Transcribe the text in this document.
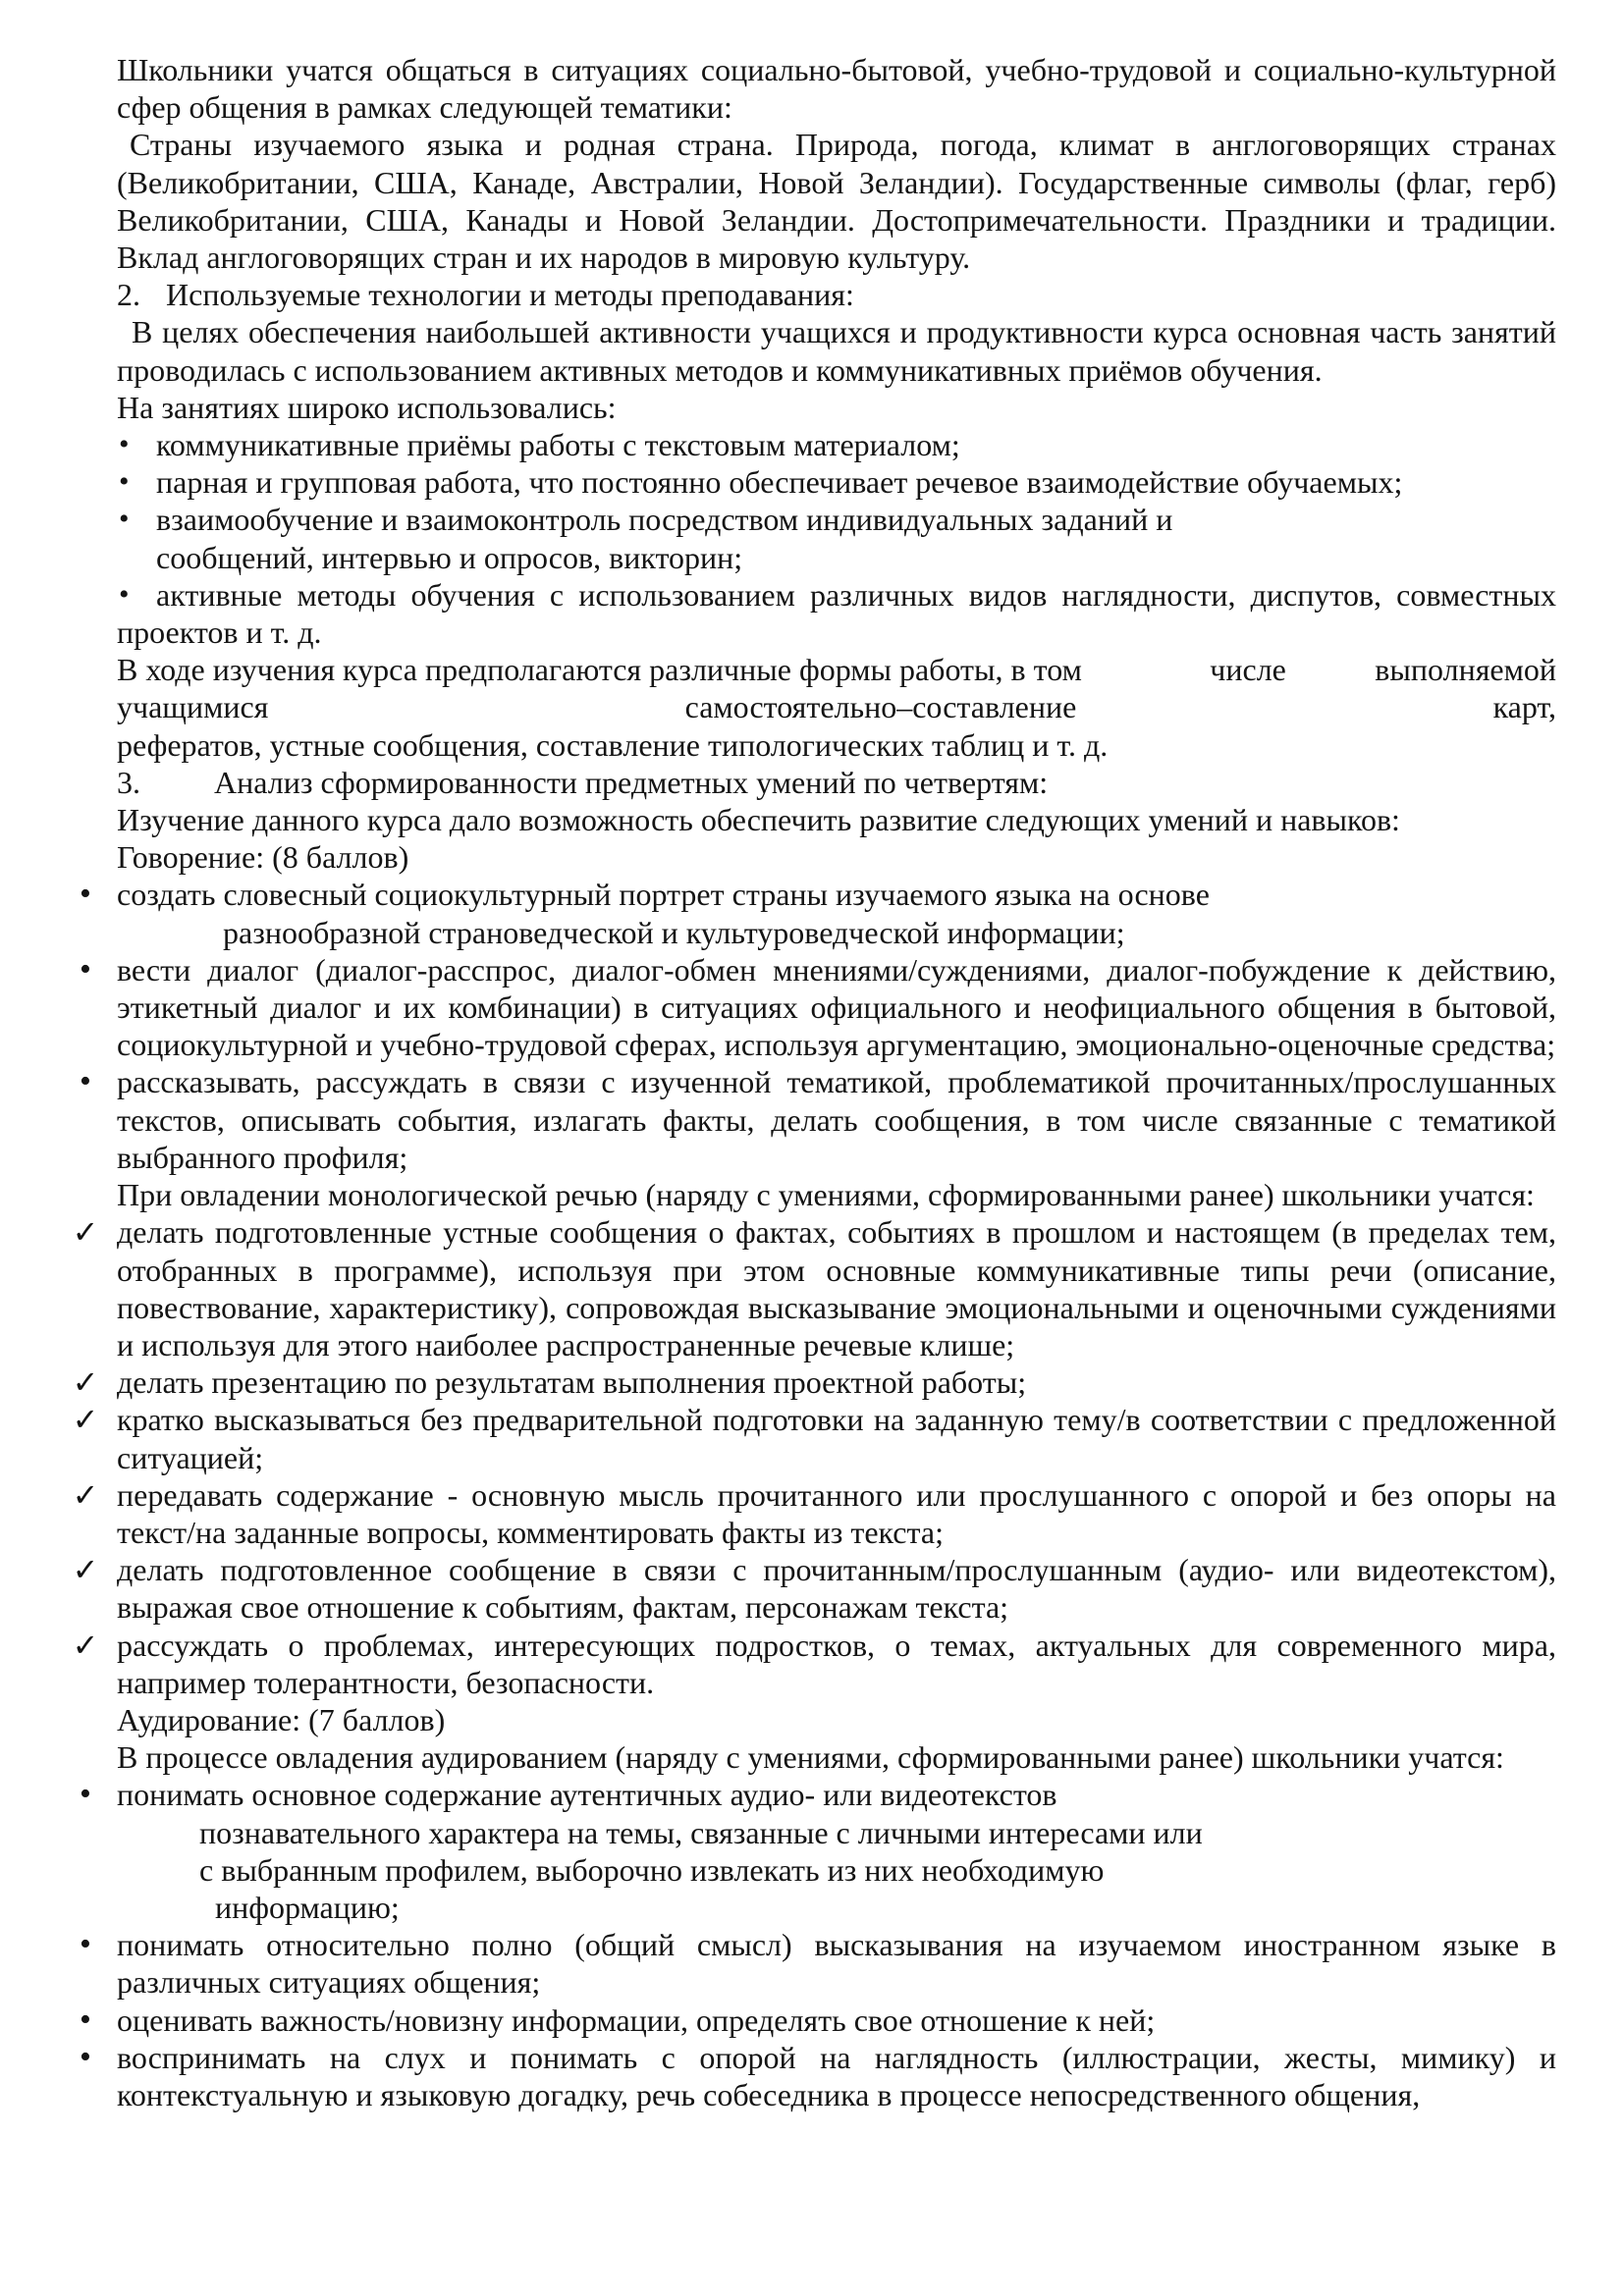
Школьники учатся общаться в ситуациях социально-бытовой, учебно-трудовой и социально-культурной сфер общения в рамках следующей тематики:

Страны изучаемого языка и родная страна. Природа, погода, климат в англоговорящих странах (Великобритании, США, Канаде, Австралии, Новой Зеландии). Государственные символы (флаг, герб) Великобритании, США, Канады и Новой Зеландии. Достопримечательности. Праздники и традиции. Вклад англоговорящих стран и их народов в мировую культуру.

2. Используемые технологии и методы преподавания:

В целях обеспечения наибольшей активности учащихся и продуктивности курса основная часть занятий проводилась с использованием активных методов и коммуникативных приёмов обучения.

На занятиях широко использовались:

• коммуникативные приёмы работы с текстовым материалом;
• парная и групповая работа, что постоянно обеспечивает речевое взаимодействие обучаемых;
• взаимообучение и взаимоконтроль посредством индивидуальных заданий и
сообщений, интервью и опросов, викторин;
• активные методы обучения с использованием различных видов наглядности, диспутов, совместных проектов и т. д.
В ходе изучения курса предполагаются различные формы работы, в том	числе	выполняемой
учащимися	самостоятельно–составление	карт,

рефератов, устные сообщения, составление типологических таблиц и т. д.

3. Анализ сформированности предметных умений по четвертям:

Изучение данного курса дало возможность обеспечить развитие следующих умений и навыков:

Говорение: (8 баллов)

• создать словесный социокультурный портрет страны изучаемого языка на основе
разнообразной страноведческой и культуроведческой информации;
• вести диалог (диалог-расспрос, диалог-обмен мнениями/суждениями, диалог-побуждение к действию, этикетный диалог и их комбинации) в ситуациях официального и неофициального общения в бытовой, социокультурной и учебно-трудовой сферах, используя аргументацию, эмоционально-оценочные средства;
• рассказывать, рассуждать в связи с изученной тематикой, проблематикой прочитанных/прослушанных текстов, описывать события, излагать факты, делать сообщения, в том числе связанные с тематикой выбранного профиля;

При овладении монологической речью (наряду с умениями, сформированными ранее) школьники учатся:

✓ делать подготовленные устные сообщения о фактах, событиях в прошлом и настоящем (в пределах тем, отобранных в программе), используя при этом основные коммуникативные типы речи (описание, повествование, характеристику), сопровождая высказывание эмоциональными и оценочными суждениями и используя для этого наиболее распространенные речевые клише;
✓ делать презентацию по результатам выполнения проектной работы;
✓ кратко высказываться без предварительной подготовки на заданную тему/в соответствии с предложенной ситуацией;
✓ передавать содержание - основную мысль прочитанного или прослушанного с опорой и без опоры на текст/на заданные вопросы, комментировать факты из текста;
✓ делать подготовленное сообщение в связи с прочитанным/прослушанным (аудио- или видеотекстом), выражая свое отношение к событиям, фактам, персонажам текста;
✓ рассуждать о проблемах, интересующих подростков, о темах, актуальных для современного мира, например толерантности, безопасности.

Аудирование: (7 баллов)

В процессе овладения аудированием (наряду с умениями, сформированными ранее) школьники учатся:

• понимать основное содержание аутентичных аудио- или видеотекстов
познавательного характера на темы, связанные с личными интересами или
с выбранным профилем, выборочно извлекать из них необходимую
информацию;
• понимать относительно полно (общий смысл) высказывания на изучаемом иностранном языке в различных ситуациях общения;
• оценивать важность/новизну информации, определять свое отношение к ней;
• воспринимать на слух и понимать с опорой на наглядность (иллюстрации, жесты, мимику) и контекстуальную и языковую догадку, речь собеседника в процессе непосредственного общения,
